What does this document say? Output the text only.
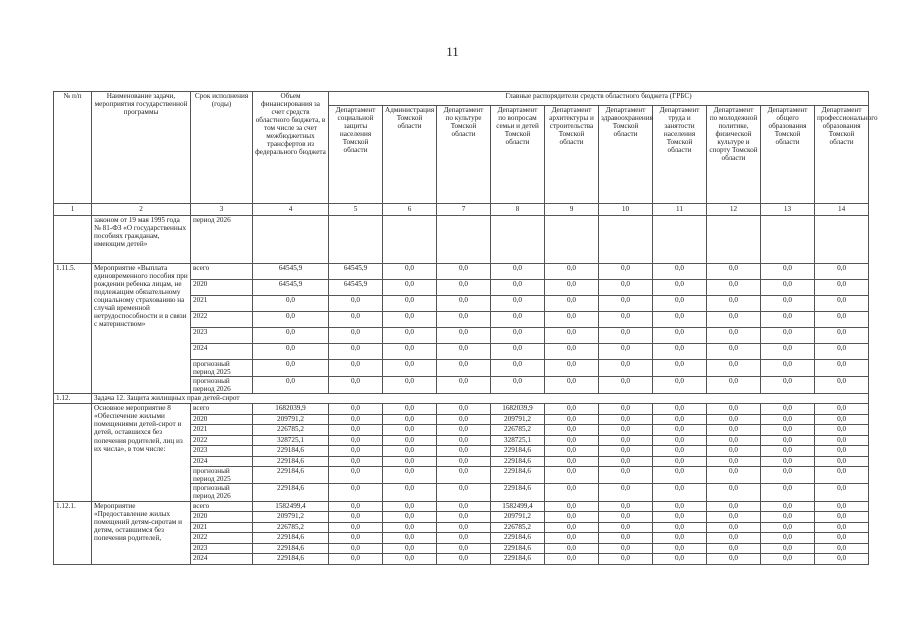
11
№ п/п	Наименование задачи, мероприятия государственной программы	Срок исполнения (годы)	Объем финансирования за счет средств областного бюджета, в том числе за счет межбюджетных трансфертов из федерального бюджета	Главные распорядители средств областного бюджета (ГРБС)									
				Департамент социальной защиты населения Томской области	Администрация Томской области	Департамент по культуре Томской области	Департамент по вопросам семьи и детей Томской области	Департамент архитектуры и строительства Томской области	Департамент здравоохранения Томской области	Департамент труда и занятости населения Томской области	Департамент по молодежной политике, физической культуре и спорту Томской области	Департамент общего образования Томской области	Департамент профессионального образования Томской области
1	2	3	4	5	6	7	8	9	10	11	12	13	14
	законом от 19 мая 1995 года № 81-ФЗ «О государственных пособиях гражданам, имеющим детей»	период 2026											
1.11.5.	Мероприятие «Выплата единовременного пособия при рождении ребенка лицам, не подлежащим обязательному социальному страхованию на случай временной нетрудоспособности и в связи с материнством»	всего	64545,9	64545,9	0,0	0,0	0,0	0,0	0,0	0,0	0,0	0,0	0,0
		2020	64545,9	64545,9	0,0	0,0	0,0	0,0	0,0	0,0	0,0	0,0	0,0
		2021	0,0	0,0	0,0	0,0	0,0	0,0	0,0	0,0	0,0	0,0	0,0
		2022	0,0	0,0	0,0	0,0	0,0	0,0	0,0	0,0	0,0	0,0	0,0
		2023	0,0	0,0	0,0	0,0	0,0	0,0	0,0	0,0	0,0	0,0	0,0
		2024	0,0	0,0	0,0	0,0	0,0	0,0	0,0	0,0	0,0	0,0	0,0
		прогнозный период 2025	0,0	0,0	0,0	0,0	0,0	0,0	0,0	0,0	0,0	0,0	0,0
		прогнозный период 2026	0,0	0,0	0,0	0,0	0,0	0,0	0,0	0,0	0,0	0,0	0,0
1.12.	Задача 12. Защита жилищных прав детей-сирот												
	Основное мероприятие 8 «Обеспечение жилыми помещениями детей-сирот и детей, оставшихся без попечения родителей, лиц из их числа», в том числе:	всего	1682039,9	0,0	0,0	0,0	1682039,9	0,0	0,0	0,0	0,0	0,0	0,0
		2020	209791,2	0,0	0,0	0,0	209791,2	0,0	0,0	0,0	0,0	0,0	0,0
		2021	226785,2	0,0	0,0	0,0	226785,2	0,0	0,0	0,0	0,0	0,0	0,0
		2022	328725,1	0,0	0,0	0,0	328725,1	0,0	0,0	0,0	0,0	0,0	0,0
		2023	229184,6	0,0	0,0	0,0	229184,6	0,0	0,0	0,0	0,0	0,0	0,0
		2024	229184,6	0,0	0,0	0,0	229184,6	0,0	0,0	0,0	0,0	0,0	0,0
		прогнозный период 2025	229184,6	0,0	0,0	0,0	229184,6	0,0	0,0	0,0	0,0	0,0	0,0
		прогнозный период 2026	229184,6	0,0	0,0	0,0	229184,6	0,0	0,0	0,0	0,0	0,0	0,0
1.12.1.	Мероприятие «Предоставление жилых помещений детям-сиротам и детям, оставшимся без попечения родителей,	всего	1582499,4	0,0	0,0	0,0	1582499,4	0,0	0,0	0,0	0,0	0,0	0,0
		2020	209791,2	0,0	0,0	0,0	209791,2	0,0	0,0	0,0	0,0	0,0	0,0
		2021	226785,2	0,0	0,0	0,0	226785,2	0,0	0,0	0,0	0,0	0,0	0,0
		2022	229184,6	0,0	0,0	0,0	229184,6	0,0	0,0	0,0	0,0	0,0	0,0
		2023	229184,6	0,0	0,0	0,0	229184,6	0,0	0,0	0,0	0,0	0,0	0,0
		2024	229184,6	0,0	0,0	0,0	229184,6	0,0	0,0	0,0	0,0	0,0	0,0
